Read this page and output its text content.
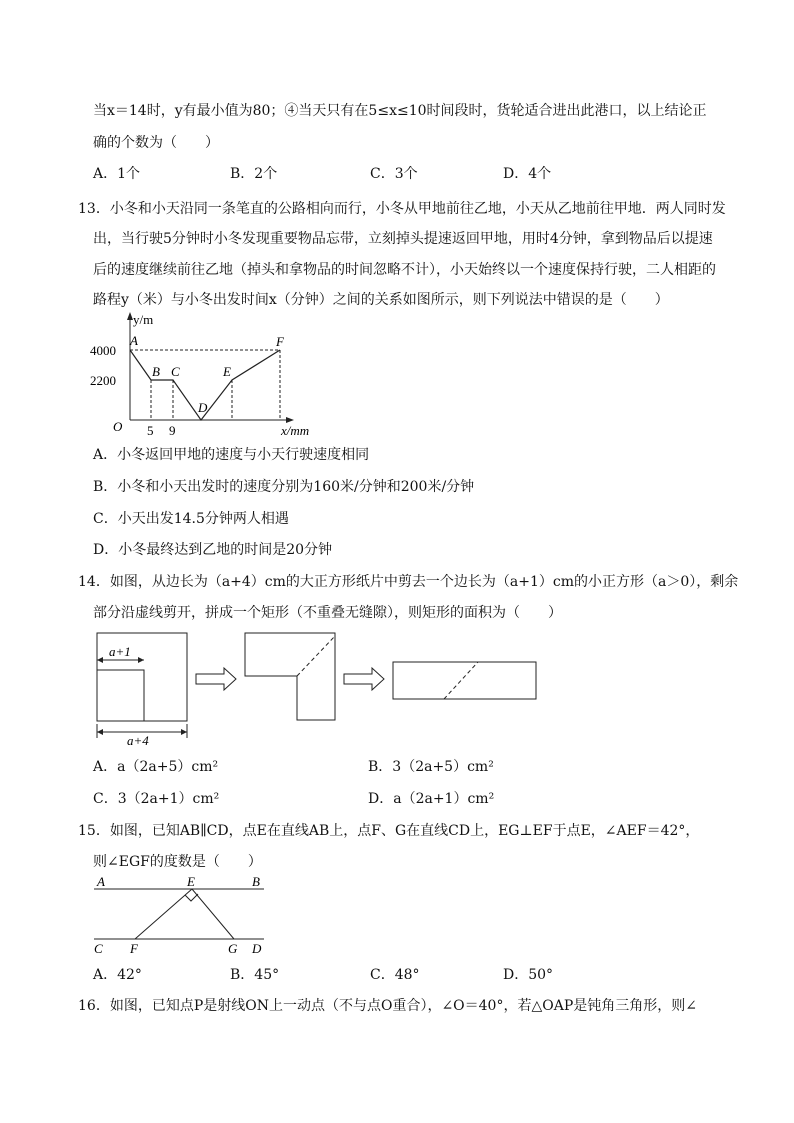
当x＝14时，y有最小值为80；④当天只有在5≤x≤10时间段时，货轮适合进出此港口，以上结论正
确的个数为（　　）
A．1个	B．2个	C．3个	D．4个
13．小冬和小天沿同一条笔直的公路相向而行，小冬从甲地前往乙地，小天从乙地前往甲地．两人同时发
出，当行驶5分钟时小冬发现重要物品忘带，立刻掉头提速返回甲地，用时4分钟，拿到物品后以提速
后的速度继续前往乙地（掉头和拿物品的时间忽略不计），小天始终以一个速度保持行驶，二人相距的
路程y（米）与小冬出发时间x（分钟）之间的关系如图所示，则下列说法中错误的是（　　）
y/m
x/mm
O
4000
2200
5 9
A
B C
D
E
F
A．小冬返回甲地的速度与小天行驶速度相同
B．小冬和小天出发时的速度分别为160米/分钟和200米/分钟
C．小天出发14.5分钟两人相遇
D．小冬最终达到乙地的时间是20分钟
14．如图，从边长为（a+4）cm的大正方形纸片中剪去一个边长为（a+1）cm的小正方形（a＞0），剩余
部分沿虚线剪开，拼成一个矩形（不重叠无缝隙），则矩形的面积为（　　）
a+1
a+4
A．a（2a+5）cm²	B．3（2a+5）cm²
C．3（2a+1）cm²	D．a（2a+1）cm²
15．如图，已知AB∥CD，点E在直线AB上，点F、G在直线CD上，EG⊥EF于点E，∠AEF＝42°，
则∠EGF的度数是（　　）
A	E	B
C F	G D
A．42°	B．45°	C．48°	D．50°
16．如图，已知点P是射线ON上一动点（不与点O重合），∠O＝40°，若△OAP是钝角三角形，则∠
